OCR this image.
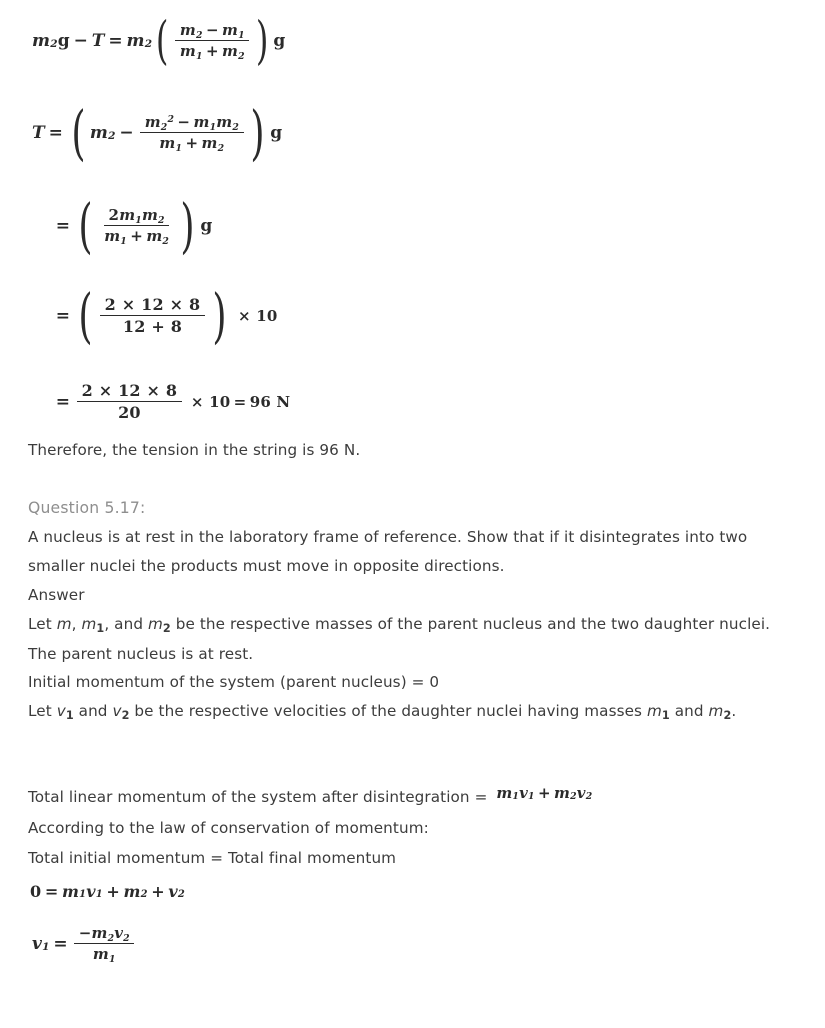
$m_2$ $g - T = m_2$ ( $\frac{m_2 - m_1}{m_1 + m_2}$ ) g
T = ( $m_2 - \frac{m_2^2 - m_1m_2}{m_1 + m_2}$ ) g
= ( $\frac{2m_1m_2}{m_1 + m_2}$ ) g
= ( $\frac{2 \times 12 \times 8}{12 + 8}$ ) × 10
= $\frac{2 \times 12 \times 8}{20} \times 10 = 96$ N
Therefore, the tension in the string is 96 N.
Question 5.17:
A nucleus is at rest in the laboratory frame of reference. Show that if it disintegrates into two smaller nuclei the products must move in opposite directions.
Answer
Let m, $m_1$, and $m_2$ be the respective masses of the parent nucleus and the two daughter nuclei. The parent nucleus is at rest.
Initial momentum of the system (parent nucleus) = 0
Let $v_1$ and $v_2$ be the respective velocities of the daughter nuclei having masses $m_1$ and $m_2$.
Total linear momentum of the system after disintegration = $m_1$ $v_1 + m_2$ $v_2$
According to the law of conservation of momentum:
Total initial momentum = Total final momentum
$0 = m_1$ $v_1 + m_2 + v_2$
$v_1 = \frac{-m_2v_2}{m_1}$
